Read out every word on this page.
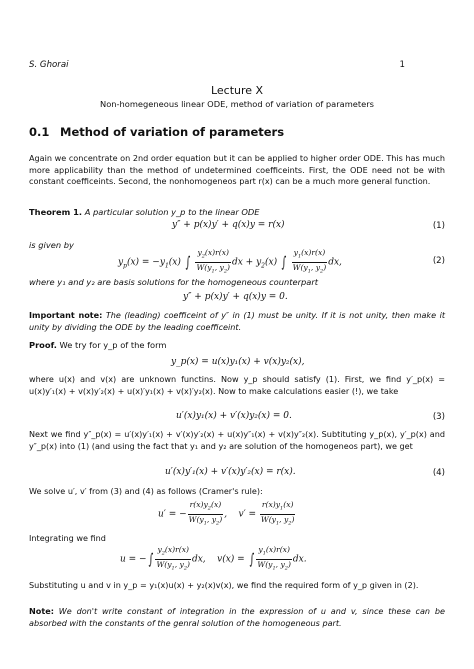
S. Ghorai	1
Lecture X
Non-homegeneous linear ODE, method of variation of parameters
0.1 Method of variation of parameters

Again we concentrate on 2nd order equation but it can be applied to higher order ODE. This has much more applicability than the method of undetermined coefficeints. First, the ODE need not be with constant coefficeints. Second, the nonhomogeneos part r(x) can be a much more general function.

Theorem 1. A particular solution y_p to the linear ODE
y″ + p(x)y′ + q(x)y = r(x)	(1)
is given by
$y_p(x) = -y_1(x)$ ∫ $\frac{y_2(x)r(x)}{W(y_1, y_2)}$ dx + $y_2(x)$ ∫ $\frac{y_1(x)r(x)}{W(y_1, y_2)}$ dx,	(2)
where y₁ and y₂ are basis solutions for the homogeneous counterpart
y″ + p(x)y′ + q(x)y = 0.

Important note: The (leading) coefficeint of y″ in (1) must be unity. If it is not unity, then make it unity by dividing the ODE by the leading coefficeint.

Proof. We try for y_p of the form
y_p(x) = u(x)y₁(x) + v(x)y₂(x),

where u(x) and v(x) are unknown functins. Now y_p should satisfy (1). First, we find y′_p(x) = u(x)y′₁(x) + v(x)y′₂(x) + u(x)′y₁(x) + v(x)′y₂(x). Now to make calculations easier (!), we take

u′(x)y₁(x) + v′(x)y₂(x) = 0.	(3)

Next we find y″_p(x) = u′(x)y′₁(x) + v′(x)y′₂(x) + u(x)y″₁(x) + v(x)y″₂(x). Subtituting y_p(x), y′_p(x) and y″_p(x) into (1) (and using the fact that y₁ and y₂ are solution of the homogeneos part), we get

u′(x)y′₁(x) + v′(x)y′₂(x) = r(x).	(4)

We solve u′, v′ from (3) and (4) as follows (Cramer's rule):

u′ = − $\frac{r(x)y_2(x)}{W(y_1, y_2)}$ ,    $v' = \frac{r(x)y_1(x)}{W(y_1, y_2)}$

Integrating we find

u = − ∫ $\frac{y_2(x)r(x)}{W(y_1, y_2)}$ dx,    v(x) = ∫ $\frac{y_1(x)r(x)}{W(y_1, y_2)}$ dx.

Substituting u and v in y_p = y₁(x)u(x) + y₂(x)v(x), we find the required form of y_p given in (2).

Note: We don't write constant of integration in the expression of u and v, since these can be absorbed with the constants of the genral solution of the homogeneous part.
